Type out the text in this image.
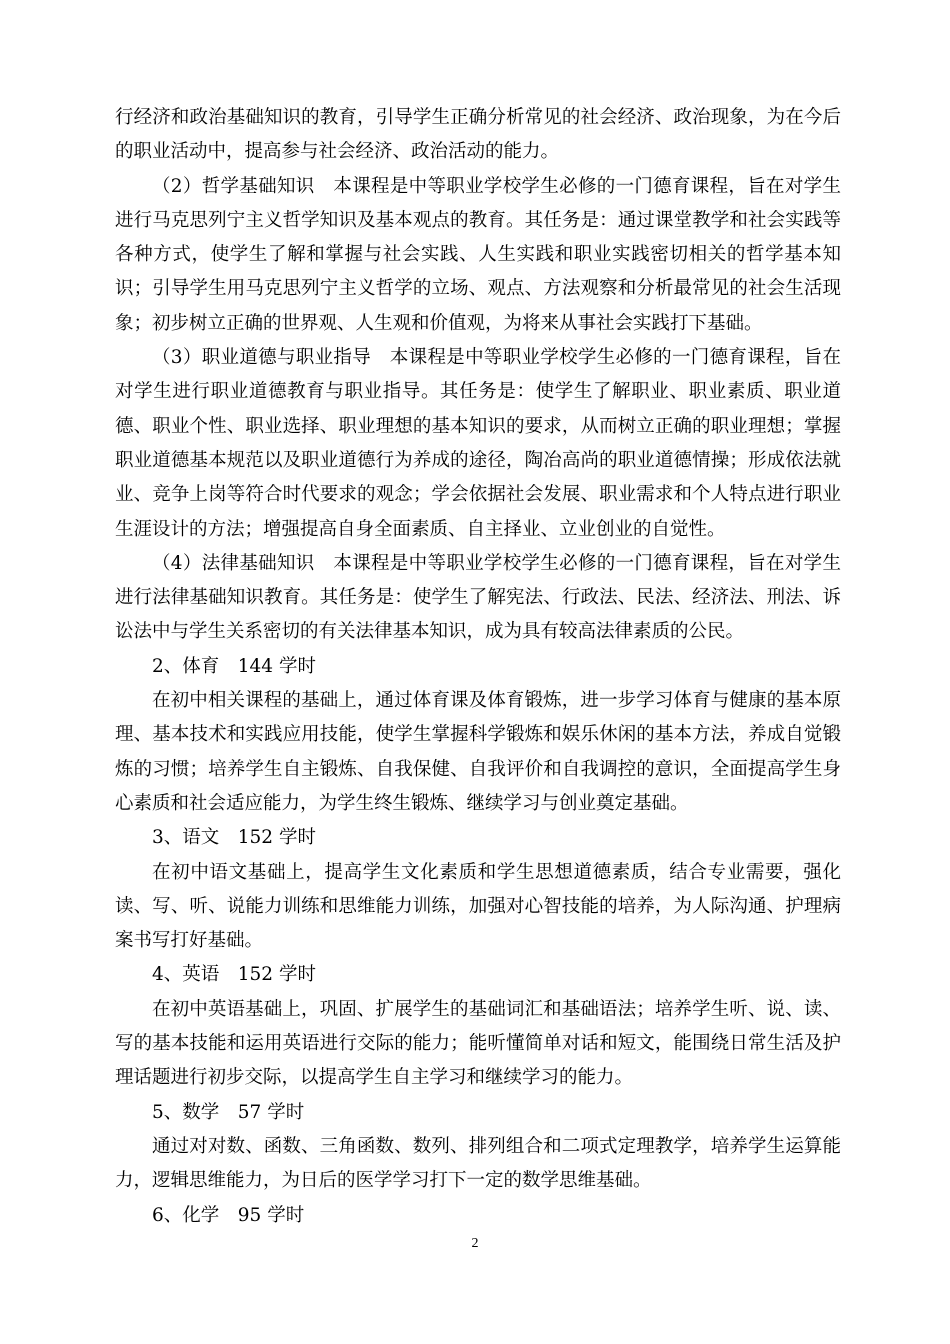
行经济和政治基础知识的教育，引导学生正确分析常见的社会经济、政治现象，为在今后的职业活动中，提高参与社会经济、政治活动的能力。

（2）哲学基础知识　本课程是中等职业学校学生必修的一门德育课程，旨在对学生进行马克思列宁主义哲学知识及基本观点的教育。其任务是：通过课堂教学和社会实践等各种方式，使学生了解和掌握与社会实践、人生实践和职业实践密切相关的哲学基本知识；引导学生用马克思列宁主义哲学的立场、观点、方法观察和分析最常见的社会生活现象；初步树立正确的世界观、人生观和价值观，为将来从事社会实践打下基础。

（3）职业道德与职业指导　本课程是中等职业学校学生必修的一门德育课程，旨在对学生进行职业道德教育与职业指导。其任务是：使学生了解职业、职业素质、职业道德、职业个性、职业选择、职业理想的基本知识的要求，从而树立正确的职业理想；掌握职业道德基本规范以及职业道德行为养成的途径，陶冶高尚的职业道德情操；形成依法就业、竞争上岗等符合时代要求的观念；学会依据社会发展、职业需求和个人特点进行职业生涯设计的方法；增强提高自身全面素质、自主择业、立业创业的自觉性。

（4）法律基础知识　本课程是中等职业学校学生必修的一门德育课程，旨在对学生进行法律基础知识教育。其任务是：使学生了解宪法、行政法、民法、经济法、刑法、诉讼法中与学生关系密切的有关法律基本知识，成为具有较高法律素质的公民。

2、体育　144 学时

在初中相关课程的基础上，通过体育课及体育锻炼，进一步学习体育与健康的基本原理、基本技术和实践应用技能，使学生掌握科学锻炼和娱乐休闲的基本方法，养成自觉锻炼的习惯；培养学生自主锻炼、自我保健、自我评价和自我调控的意识，全面提高学生身心素质和社会适应能力，为学生终生锻炼、继续学习与创业奠定基础。

3、语文　152 学时

在初中语文基础上，提高学生文化素质和学生思想道德素质，结合专业需要，强化读、写、听、说能力训练和思维能力训练，加强对心智技能的培养，为人际沟通、护理病案书写打好基础。

4、英语　152 学时

在初中英语基础上，巩固、扩展学生的基础词汇和基础语法；培养学生听、说、读、写的基本技能和运用英语进行交际的能力；能听懂简单对话和短文，能围绕日常生活及护理话题进行初步交际，以提高学生自主学习和继续学习的能力。

5、数学　57 学时

通过对对数、函数、三角函数、数列、排列组合和二项式定理教学，培养学生运算能力，逻辑思维能力，为日后的医学学习打下一定的数学思维基础。

6、化学　95 学时

2
